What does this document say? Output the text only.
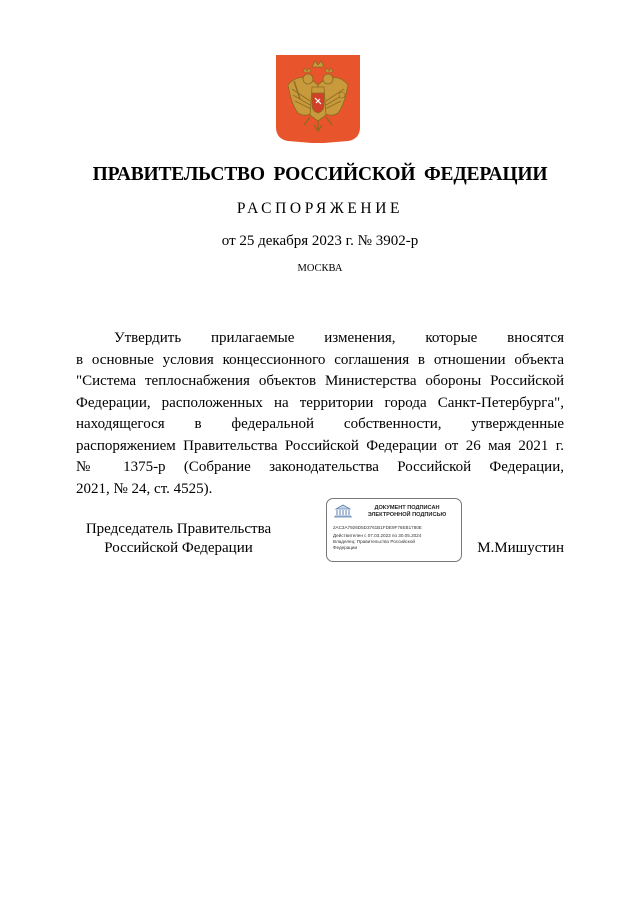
ПРАВИТЕЛЬСТВО РОССИЙСКОЙ ФЕДЕРАЦИИ
РАСПОРЯЖЕНИЕ
от 25 декабря 2023 г. № 3902-р
МОСКВА
Утвердить прилагаемые изменения, которые вносятся
в основные условия концессионного соглашения в отношении объекта
"Система теплоснабжения объектов Министерства обороны Российской
Федерации, расположенных на территории города Санкт-Петербурга",
находящегося в федеральной собственности, утвержденные
распоряжением Правительства Российской Федерации от 26 мая 2021 г.
№ 1375-р (Собрание законодательства Российской Федерации,
2021, № 24, ст. 4525).
Председатель Правительства
Российской Федерации
ДОКУМЕНТ ПОДПИСАН
ЭЛЕКТРОННОЙ ПОДПИСЬЮ
2AC3A7926D5D3761B1FDE9F76EB1780E
Действителен с 07.03.2023 по 30.05.2024
Владелец: Правительство Российской
Федерации	М.Мишустин
